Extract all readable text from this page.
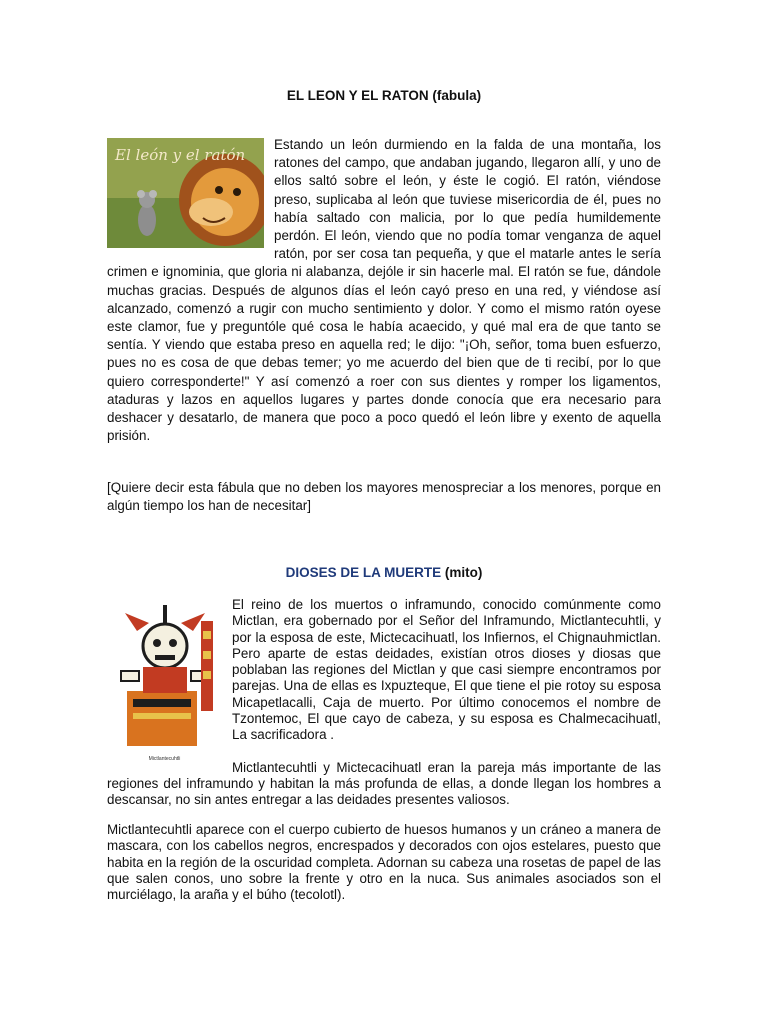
EL LEON Y EL RATON (fabula)
El león y el ratón

Estando un león durmiendo en la falda de una montaña, los ratones del campo, que andaban jugando, llegaron allí, y uno de ellos saltó sobre el león, y éste le cogió. El ratón, viéndose preso, suplicaba al león que tuviese misericordia de él, pues no había saltado con malicia, por lo que pedía humildemente perdón. El león, viendo que no podía tomar venganza de aquel ratón, por ser cosa tan pequeña, y que el matarle antes le sería crimen e ignominia, que gloria ni alabanza, dejóle ir sin hacerle mal. El ratón se fue, dándole muchas gracias. Después de algunos días el león cayó preso en una red, y viéndose así alcanzado, comenzó a rugir con mucho sentimiento y dolor. Y como el mismo ratón oyese este clamor, fue y preguntóle qué cosa le había acaecido, y qué mal era de que tanto se sentía. Y viendo que estaba preso en aquella red; le dijo: "¡Oh, señor, toma buen esfuerzo, pues no es cosa de que debas temer; yo me acuerdo del bien que de ti recibí, por lo que quiero corresponderte!" Y así comenzó a roer con sus dientes y romper los ligamentos, ataduras y lazos en aquellos lugares y partes donde conocía que era necesario para deshacer y desatarlo, de manera que poco a poco quedó el león libre y exento de aquella prisión.

[Quiere decir esta fábula que no deben los mayores menospreciar a los menores, porque en algún tiempo los han de necesitar]

DIOSES DE LA MUERTE (mito)
Mictlantecuhtli

El reino de los muertos o inframundo, conocido comúnmente como Mictlan, era gobernado por el Señor del Inframundo, Mictlantecuhtli, y por la esposa de este, Mictecacihuatl, los Infiernos, el Chignauhmictlan. Pero aparte de estas deidades, existían otros dioses y diosas que poblaban las regiones del Mictlan y que casi siempre encontramos por parejas. Una de ellas es Ixpuzteque, El que tiene el pie rotoy su esposa Micapetlacalli, Caja de muerto. Por último conocemos el nombre de Tzontemoc, El que cayo de cabeza, y su esposa es Chalmecacihuatl, La sacrificadora .

Mictlantecuhtli y Mictecacihuatl eran la pareja más importante de las regiones del inframundo y habitan la más profunda de ellas, a donde llegan los hombres a descansar, no sin antes entregar a las deidades presentes valiosos.

Mictlantecuhtli aparece con el cuerpo cubierto de huesos humanos y un cráneo a manera de mascara, con los cabellos negros, encrespados y decorados con ojos estelares, puesto que habita en la región de la oscuridad completa. Adornan su cabeza una rosetas de papel de las que salen conos, uno sobre la frente y otro en la nuca. Sus animales asociados son el murciélago, la araña y el búho (tecolotl).
